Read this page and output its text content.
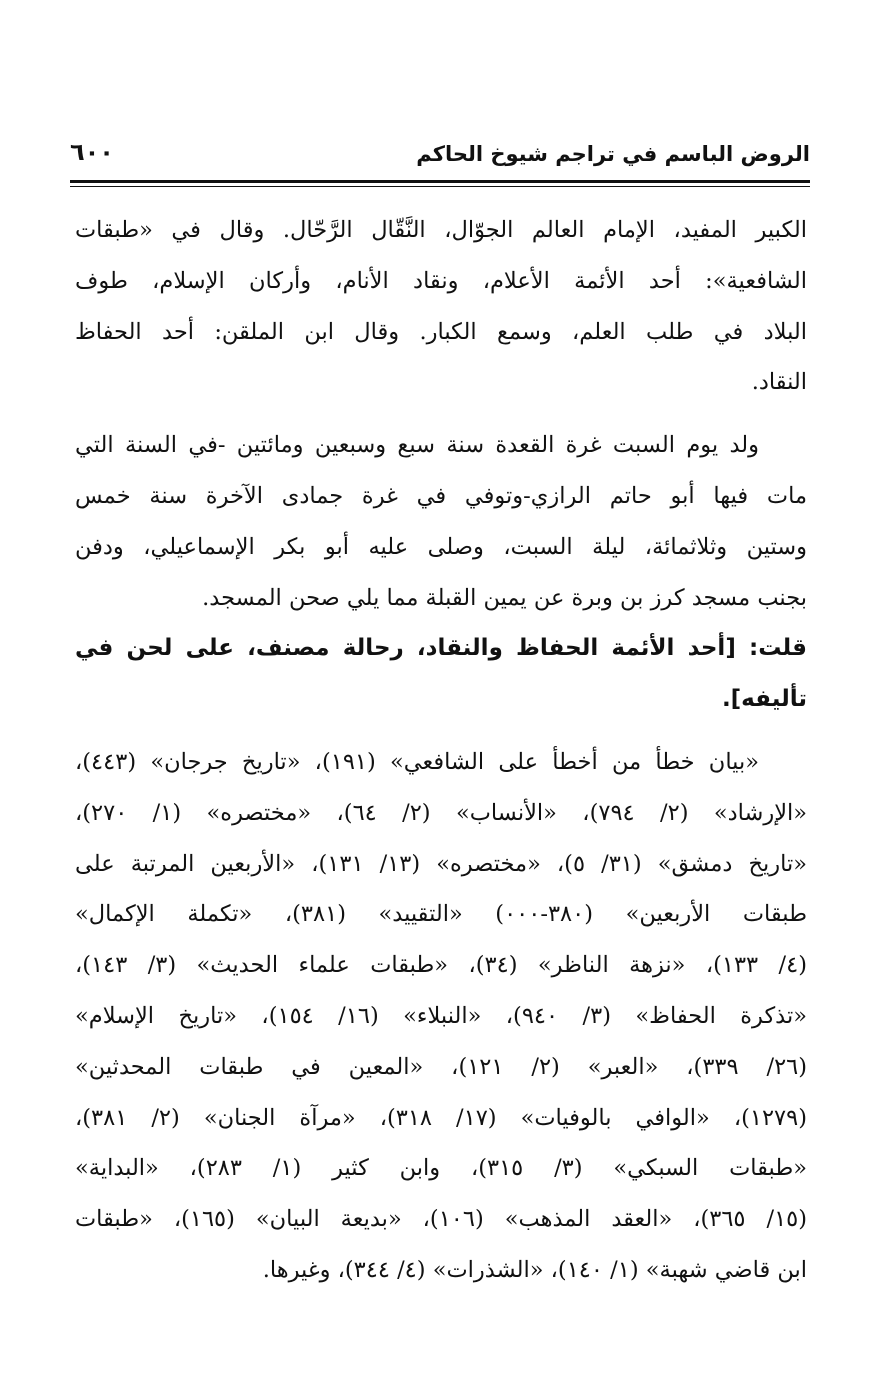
الروض الباسم في تراجم شيوخ الحاكم
٦٠٠
الكبير المفيد، الإمام العالم الجوّال، النَّقّال الرَّحّال. وقال في «طبقات
الشافعية»: أحد الأئمة الأعلام، ونقاد الأنام، وأركان الإسلام، طوف
البلاد في طلب العلم، وسمع الكبار. وقال ابن الملقن: أحد الحفاظ
النقاد.
ولد يوم السبت غرة القعدة سنة سبع وسبعين ومائتين -في السنة التي
مات فيها أبو حاتم الرازي-وتوفي في غرة جمادى الآخرة سنة خمس
وستين وثلاثمائة، ليلة السبت، وصلى عليه أبو بكر الإسماعيلي، ودفن
بجنب مسجد كرز بن وبرة عن يمين القبلة مما يلي صحن المسجد.
قلت: [أحد الأئمة الحفاظ والنقاد، رحالة مصنف، على لحن في
تأليفه].
«بيان خطأ من أخطأ على الشافعي» (١٩١)، «تاريخ جرجان» (٤٤٣)،
«الإرشاد» (٢/ ٧٩٤)، «الأنساب» (٢/ ٦٤)، «مختصره» (١/ ٢٧٠)،
«تاريخ دمشق» (٣١/ ٥)، «مختصره» (١٣/ ١٣١)، «الأربعين المرتبة على
طبقات الأربعين» (٣٨٠-٠٠٠) «التقييد» (٣٨١)، «تكملة الإكمال»
(٤/ ١٣٣)، «نزهة الناظر» (٣٤)، «طبقات علماء الحديث» (٣/ ١٤٣)،
«تذكرة الحفاظ» (٣/ ٩٤٠)، «النبلاء» (١٦/ ١٥٤)، «تاريخ الإسلام»
(٢٦/ ٣٣٩)، «العبر» (٢/ ١٢١)، «المعين في طبقات المحدثين»
(١٢٧٩)، «الوافي بالوفيات» (١٧/ ٣١٨)، «مرآة الجنان» (٢/ ٣٨١)،
«طبقات السبكي» (٣/ ٣١٥)، وابن كثير (١/ ٢٨٣)، «البداية»
(١٥/ ٣٦٥)، «العقد المذهب» (١٠٦)، «بديعة البيان» (١٦٥)، «طبقات
ابن قاضي شهبة» (١/ ١٤٠)، «الشذرات» (٤/ ٣٤٤)، وغيرها.
